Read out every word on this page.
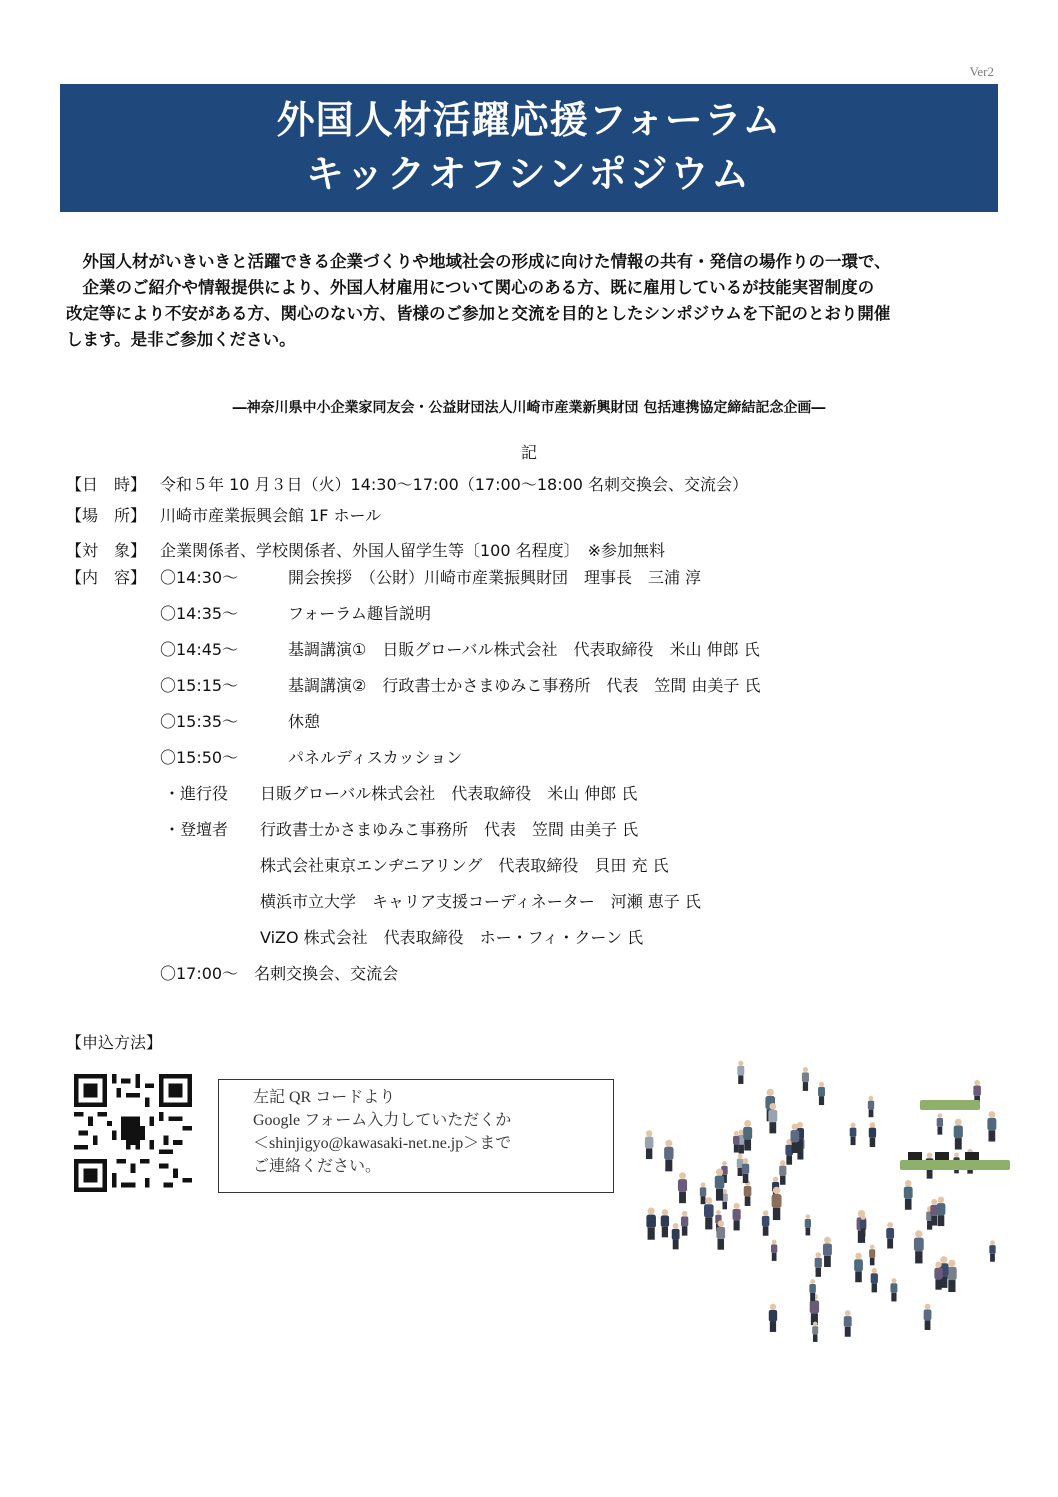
Ver2
外国人材活躍応援フォーラム
キックオフシンポジウム
　外国人材がいきいきと活躍できる企業づくりや地域社会の形成に向けた情報の共有・発信の場作りの一環で、
　企業のご紹介や情報提供により、外国人材雇用について関心のある方、既に雇用しているが技能実習制度の
改定等により不安がある方、関心のない方、皆様のご参加と交流を目的としたシンポジウムを下記のとおり開催
します。是非ご参加ください。
―神奈川県中小企業家同友会・公益財団法人川崎市産業新興財団 包括連携協定締結記念企画―
記
【日　時】 令和５年 10 月３日（火）14:30～17:00（17:00～18:00 名刺交換会、交流会）
【場　所】 川崎市産業振興会館 1F ホール
【対　象】 企業関係者、学校関係者、外国人留学生等〔100 名程度〕　※参加無料
【内　容】 〇14:30～	開会挨拶　（公財）川崎市産業振興財団　理事長　三浦 淳
〇14:35～	フォーラム趣旨説明
〇14:45～	基調講演①　日販グローバル株式会社　代表取締役　米山 伸郎 氏
〇15:15～	基調講演②　行政書士かさまゆみこ事務所　代表　笠間 由美子 氏
〇15:35～	休憩
〇15:50～	パネルディスカッション
・進行役 日販グローバル株式会社　代表取締役　米山 伸郎 氏
・登壇者 行政書士かさまゆみこ事務所　代表　笠間 由美子 氏
株式会社東京エンヂニアリング　代表取締役　貝田 充 氏
横浜市立大学　キャリア支援コーディネーター　河瀬 恵子 氏
ViZO 株式会社　代表取締役　ホー・フィ・クーン 氏
〇17:00～　名刺交換会、交流会
【申込方法】
左記 QR コードより
Google フォーム入力していただくか
＜shinjigyo@kawasaki-net.ne.jp＞まで
ご連絡ください。
